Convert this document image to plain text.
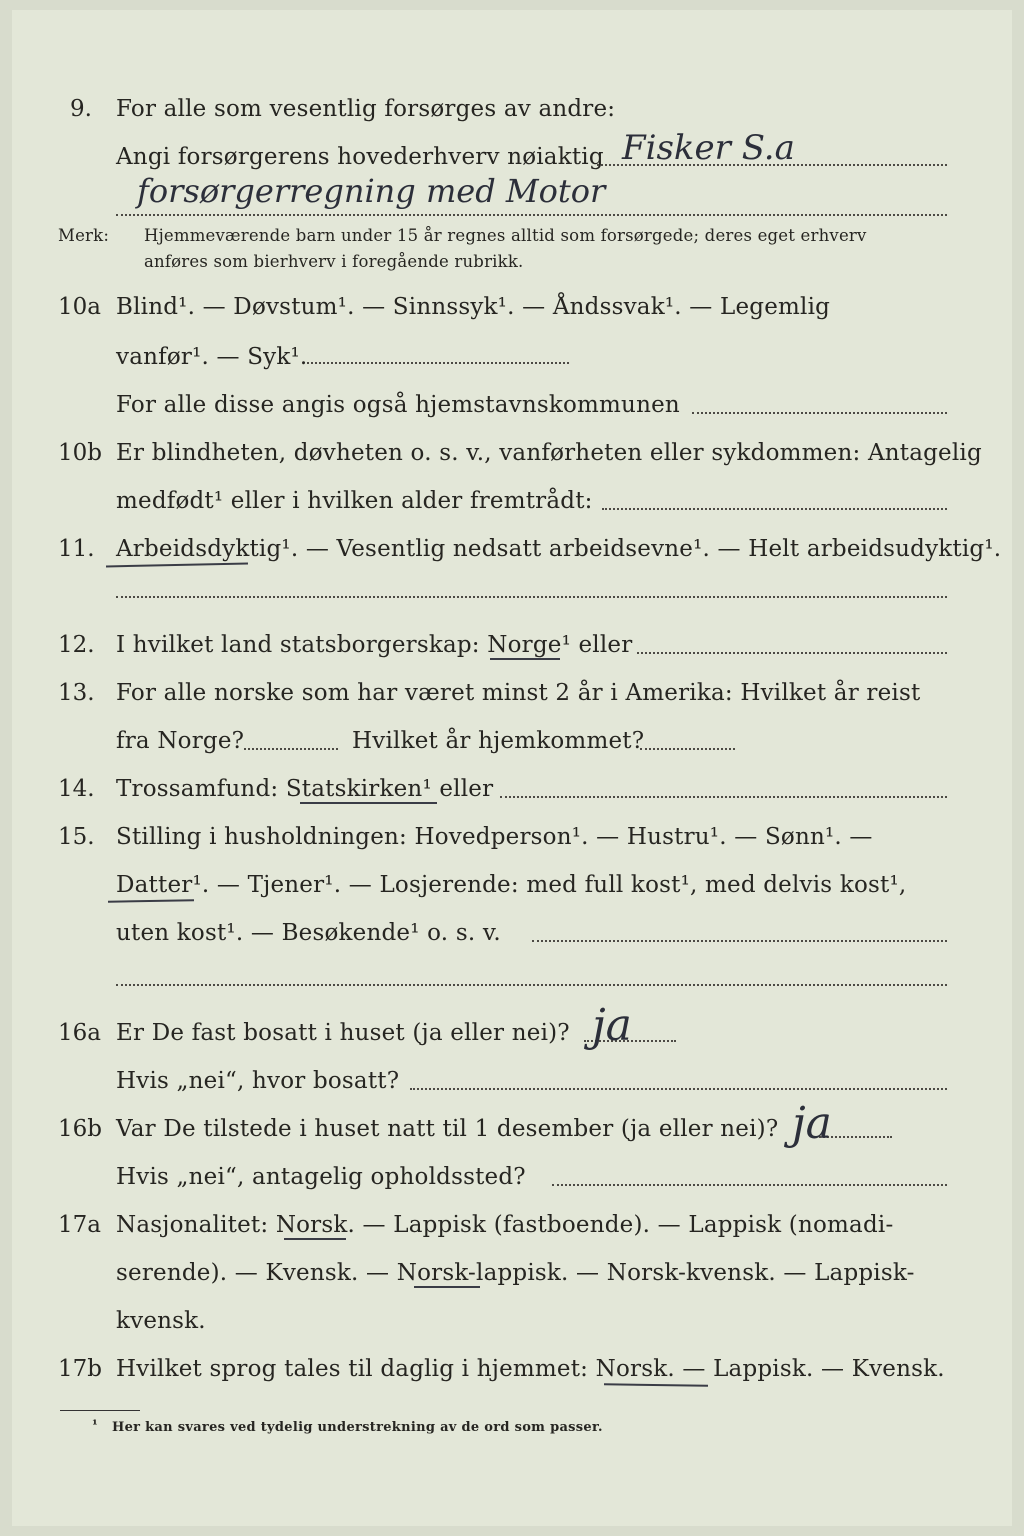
9. For alle som vesentlig forsørges av andre:
Angi forsørgerens hovederhverv nøiaktig Fisker S.a
forsørgerregning med Motor
Merk: Hjemmeværende barn under 15 år regnes alltid som forsørgede; deres eget erhverv
anføres som bierhverv i foregående rubrikk.
10a Blind¹. — Døvstum¹. — Sinnssyk¹. — Åndssvak¹. — Legemlig
vanfør¹. — Syk¹.
For alle disse angis også hjemstavnskommunen
10b Er blindheten, døvheten o. s. v., vanførheten eller sykdommen: Antagelig
medfødt¹ eller i hvilken alder fremtrådt:
11. Arbeidsdyktig¹. — Vesentlig nedsatt arbeidsevne¹. — Helt arbeidsudyktig¹.
12. I hvilket land statsborgerskap: Norge¹ eller
13. For alle norske som har været minst 2 år i Amerika: Hvilket år reist
fra Norge?	Hvilket år hjemkommet?
14. Trossamfund: Statskirken¹ eller
15. Stilling i husholdningen: Hovedperson¹. — Hustru¹. — Sønn¹. —
Datter¹. — Tjener¹. — Losjerende: med full kost¹, med delvis kost¹,
uten kost¹. — Besøkende¹ o. s. v.
16a Er De fast bosatt i huset (ja eller nei)? ja
Hvis „nei“, hvor bosatt?
16b Var De tilstede i huset natt til 1 desember (ja eller nei)? ja
Hvis „nei“, antagelig opholdssted?
17a Nasjonalitet: Norsk. — Lappisk (fastboende). — Lappisk (nomadi-
serende). — Kvensk. — Norsk-lappisk. — Norsk-kvensk. — Lappisk-
kvensk.
17b Hvilket sprog tales til daglig i hjemmet: Norsk. — Lappisk. — Kvensk.
¹ Her kan svares ved tydelig understrekning av de ord som passer.
